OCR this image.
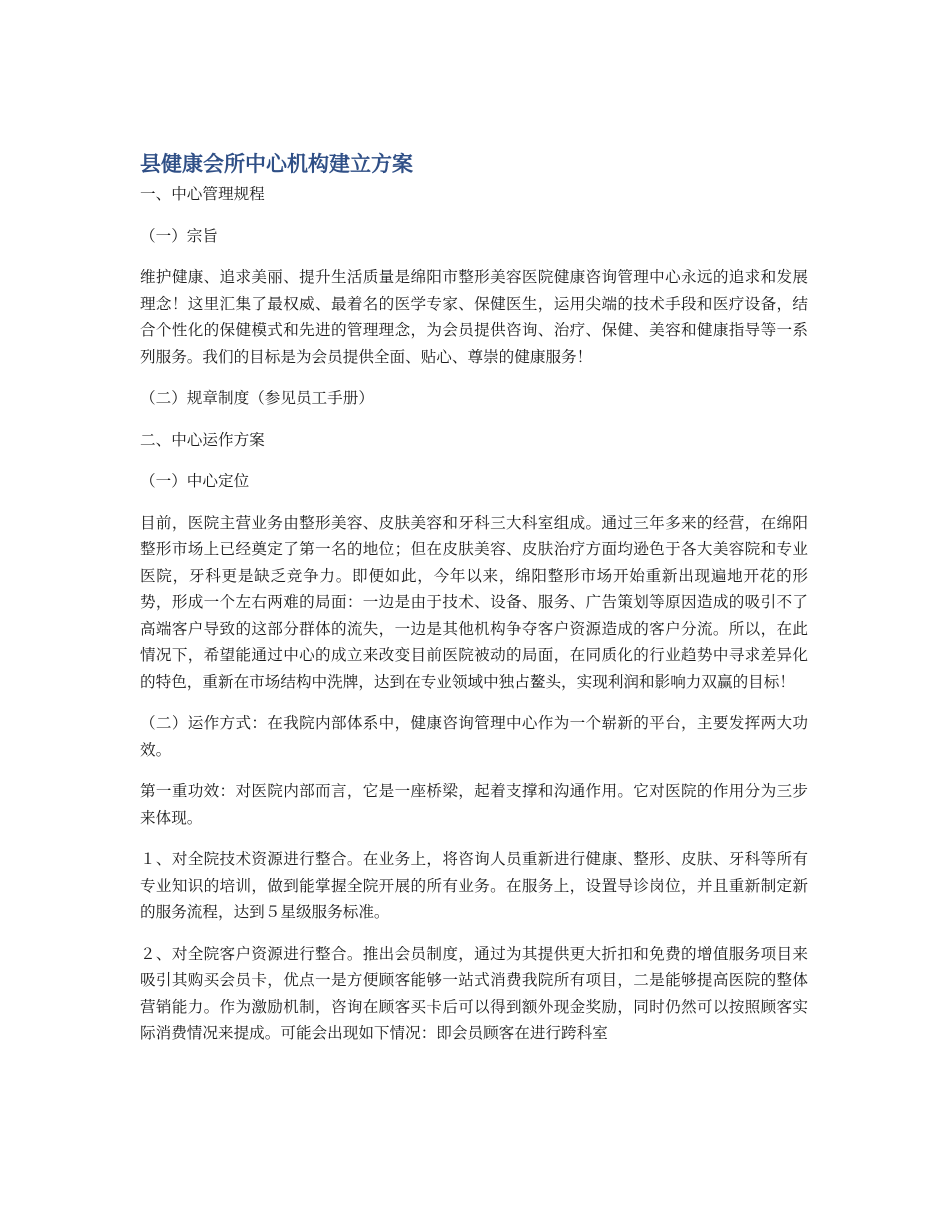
县健康会所中心机构建立方案

一、中心管理规程

（一）宗旨

维护健康、追求美丽、提升生活质量是绵阳市整形美容医院健康咨询管理中心永远的追求和发展理念！这里汇集了最权威、最着名的医学专家、保健医生，运用尖端的技术手段和医疗设备，结合个性化的保健模式和先进的管理理念，为会员提供咨询、治疗、保健、美容和健康指导等一系列服务。我们的目标是为会员提供全面、贴心、尊崇的健康服务！

（二）规章制度（参见员工手册）

二、中心运作方案

（一）中心定位

目前，医院主营业务由整形美容、皮肤美容和牙科三大科室组成。通过三年多来的经营，在绵阳整形市场上已经奠定了第一名的地位；但在皮肤美容、皮肤治疗方面均逊色于各大美容院和专业医院，牙科更是缺乏竞争力。即便如此，今年以来，绵阳整形市场开始重新出现遍地开花的形势，形成一个左右两难的局面：一边是由于技术、设备、服务、广告策划等原因造成的吸引不了高端客户导致的这部分群体的流失，一边是其他机构争夺客户资源造成的客户分流。所以，在此情况下，希望能通过中心的成立来改变目前医院被动的局面，在同质化的行业趋势中寻求差异化的特色，重新在市场结构中洗牌，达到在专业领域中独占鳌头，实现利润和影响力双赢的目标！

（二）运作方式：在我院内部体系中，健康咨询管理中心作为一个崭新的平台，主要发挥两大功效。

第一重功效：对医院内部而言，它是一座桥梁，起着支撑和沟通作用。它对医院的作用分为三步来体现。

１、对全院技术资源进行整合。在业务上，将咨询人员重新进行健康、整形、皮肤、牙科等所有专业知识的培训，做到能掌握全院开展的所有业务。在服务上，设置导诊岗位，并且重新制定新的服务流程，达到５星级服务标准。

２、对全院客户资源进行整合。推出会员制度，通过为其提供更大折扣和免费的增值服务项目来吸引其购买会员卡，优点一是方便顾客能够一站式消费我院所有项目，二是能够提高医院的整体营销能力。作为激励机制，咨询在顾客买卡后可以得到额外现金奖励，同时仍然可以按照顾客实际消费情况来提成。可能会出现如下情况：即会员顾客在进行跨科室
